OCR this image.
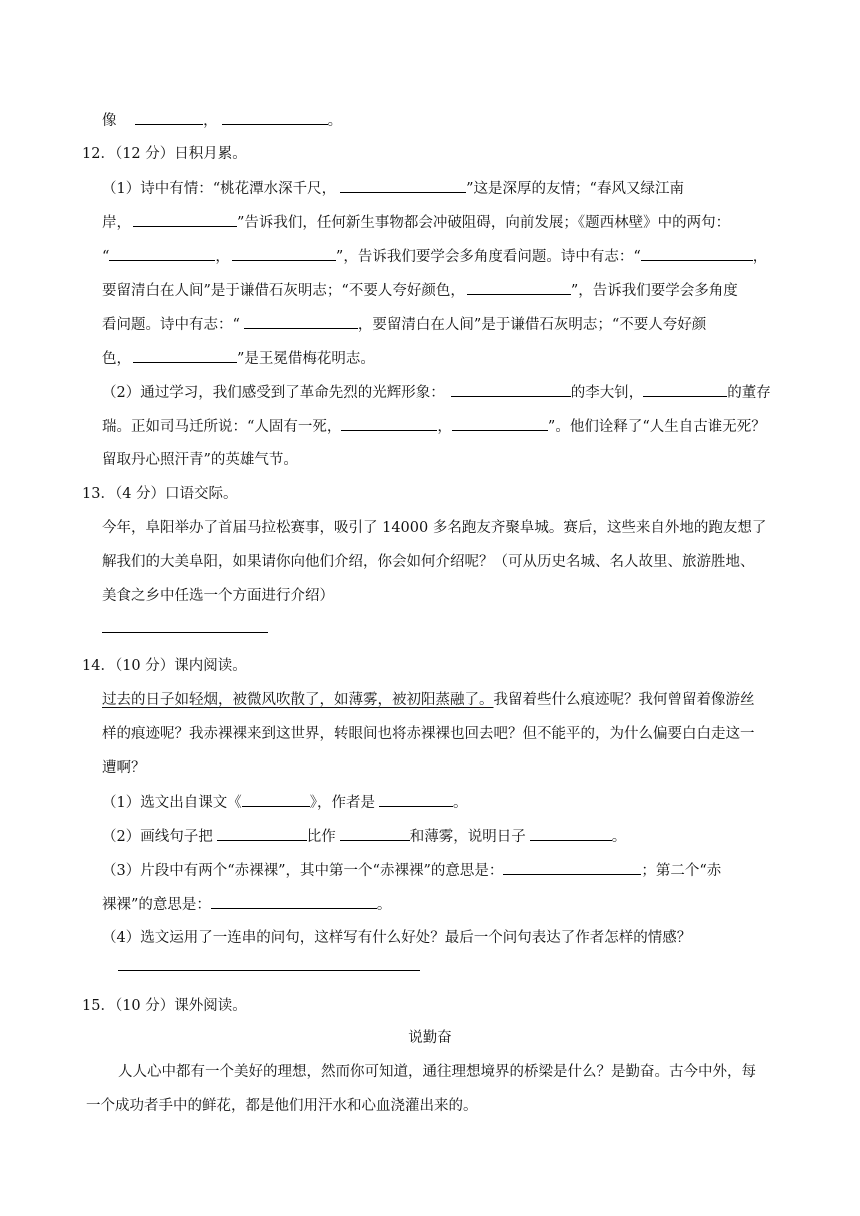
像	，	。
12．（12 分）日积月累。
（1）诗中有情：“桃花潭水深千尺，	”这是深厚的友情；“春风又绿江南
岸，	”告诉我们，任何新生事物都会冲破阻碍，向前发展；《题西林壁》中的两句：
“	，	”，告诉我们要学会多角度看问题。诗中有志：“	，
要留清白在人间”是于谦借石灰明志；“不要人夸好颜色，	”，告诉我们要学会多角度
看问题。诗中有志：“	，要留清白在人间”是于谦借石灰明志；“不要人夸好颜
色，	”是王冕借梅花明志。
（2）通过学习，我们感受到了革命先烈的光辉形象：	的李大钊，	的董存
瑞。正如司马迁所说：“人固有一死，	，	”。他们诠释了“人生自古谁无死？
留取丹心照汗青”的英雄气节。
13．（4 分）口语交际。
今年，阜阳举办了首届马拉松赛事，吸引了 14000 多名跑友齐聚阜城。赛后，这些来自外地的跑友想了
解我们的大美阜阳，如果请你向他们介绍，你会如何介绍呢？（可从历史名城、名人故里、旅游胜地、
美食之乡中任选一个方面进行介绍）
14．（10 分）课内阅读。
过去的日子如轻烟，被微风吹散了，如薄雾，被初阳蒸融了。我留着些什么痕迹呢？我何曾留着像游丝
样的痕迹呢？我赤裸裸来到这世界，转眼间也将赤裸裸也回去吧？但不能平的，为什么偏要白白走这一
遭啊？
（1）选文出自课文《	》，作者是	。
（2）画线句子把	比作	和薄雾，说明日子	。
（3）片段中有两个“赤裸裸”，其中第一个“赤裸裸”的意思是：	；第二个“赤
裸裸”的意思是：	。
（4）选文运用了一连串的问句，这样写有什么好处？最后一个问句表达了作者怎样的情感？
15．（10 分）课外阅读。
说勤奋
人人心中都有一个美好的理想，然而你可知道，通往理想境界的桥梁是什么？是勤奋。古今中外，每
一个成功者手中的鲜花，都是他们用汗水和心血浇灌出来的。
